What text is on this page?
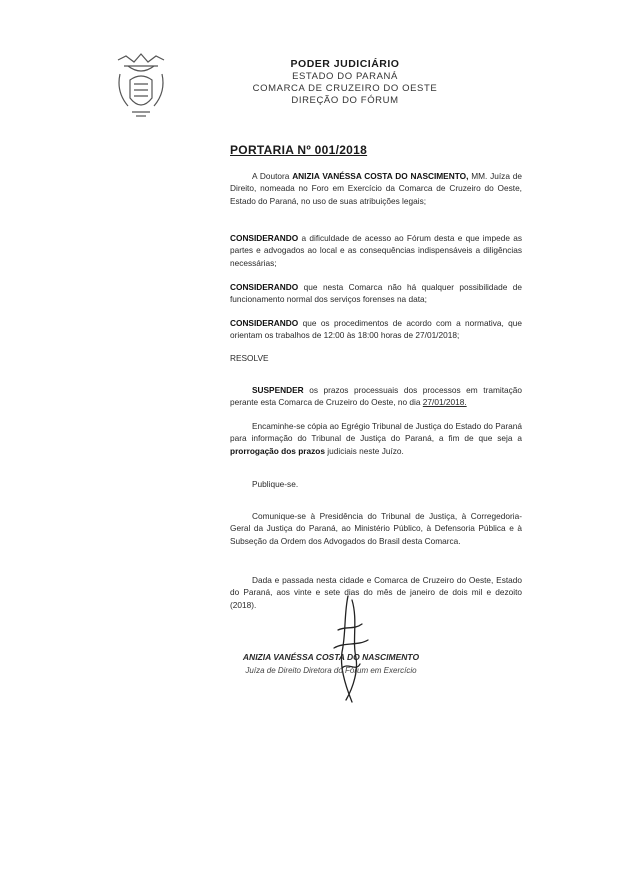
PODER JUDICIÁRIO
ESTADO DO PARANÁ
COMARCA DE CRUZEIRO DO OESTE
DIREÇÃO DO FÓRUM
PORTARIA Nº 001/2018
A Doutora ANIZIA VANÉSSA COSTA DO NASCIMENTO, MM. Juíza de Direito, nomeada no Foro em Exercício da Comarca de Cruzeiro do Oeste, Estado do Paraná, no uso de suas atribuições legais;
CONSIDERANDO a dificuldade de acesso ao Fórum desta e que impede as partes e advogados ao local e as consequências indispensáveis a diligências necessárias;
CONSIDERANDO que nesta Comarca não há qualquer possibilidade de funcionamento normal dos serviços forenses na data;
CONSIDERANDO que os procedimentos de acordo com a normativa, que orientam os trabalhos de 12:00 às 18:00 horas de 27/01/2018;
RESOLVE
SUSPENDER os prazos processuais dos processos em tramitação perante esta Comarca de Cruzeiro do Oeste, no dia 27/01/2018.
Encaminhe-se cópia ao Egrégio Tribunal de Justiça do Estado do Paraná para informação do Tribunal de Justiça do Paraná, a fim de que seja a prorrogação dos prazos judiciais neste Juízo.
Publique-se.
Comunique-se à Presidência do Tribunal de Justiça, à Corregedoria-Geral da Justiça do Paraná, ao Ministério Público, à Defensoria Pública e à Subseção da Ordem dos Advogados do Brasil desta Comarca.
Dada e passada nesta cidade e Comarca de Cruzeiro do Oeste, Estado do Paraná, aos vinte e sete dias do mês de janeiro de dois mil e dezoito (2018).
ANIZIA VANÉSSA COSTA DO NASCIMENTO
Juíza de Direito Diretora do Fórum em Exercício
